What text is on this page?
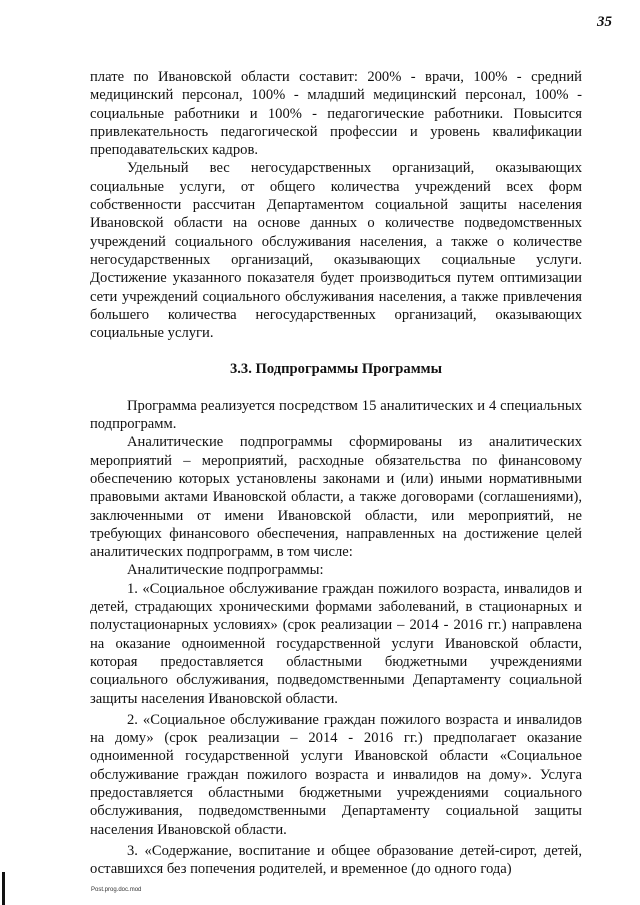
35

плате по Ивановской области составит: 200% - врачи, 100% - средний медицинский персонал, 100% - младший медицинский персонал, 100% - социальные работники и 100% - педагогические работники. Повысится привлекательность педагогической профессии и уровень квалификации преподавательских кадров.

Удельный вес негосударственных организаций, оказывающих социальные услуги, от общего количества учреждений всех форм собственности рассчитан Департаментом социальной защиты населения Ивановской области на основе данных о количестве подведомственных учреждений социального обслуживания населения, а также о количестве негосударственных организаций, оказывающих социальные услуги. Достижение указанного показателя будет производиться путем оптимизации сети учреждений социального обслуживания населения, а также привлечения большего количества негосударственных организаций, оказывающих социальные услуги.

3.3. Подпрограммы Программы

Программа реализуется посредством 15 аналитических и 4 специальных подпрограмм.

Аналитические подпрограммы сформированы из аналитических мероприятий – мероприятий, расходные обязательства по финансовому обеспечению которых установлены законами и (или) иными нормативными правовыми актами Ивановской области, а также договорами (соглашениями), заключенными от имени Ивановской области, или мероприятий, не требующих финансового обеспечения, направленных на достижение целей аналитических подпрограмм, в том числе:

Аналитические подпрограммы:

1. «Социальное обслуживание граждан пожилого возраста, инвалидов и детей, страдающих хроническими формами заболеваний, в стационарных и полустационарных условиях» (срок реализации – 2014 - 2016 гг.) направлена на оказание одноименной государственной услуги Ивановской области, которая предоставляется областными бюджетными учреждениями социального обслуживания, подведомственными Департаменту социальной защиты населения Ивановской области.

2. «Социальное обслуживание граждан пожилого возраста и инвалидов на дому» (срок реализации – 2014 - 2016 гг.) предполагает оказание одноименной государственной услуги Ивановской области «Социальное обслуживание граждан пожилого возраста и инвалидов на дому». Услуга предоставляется областными бюджетными учреждениями социального обслуживания, подведомственными Департаменту социальной защиты населения Ивановской области.

3. «Содержание, воспитание и общее образование детей-сирот, детей, оставшихся без попечения родителей, и временное (до одного года)

Post.prog.doc.mod
